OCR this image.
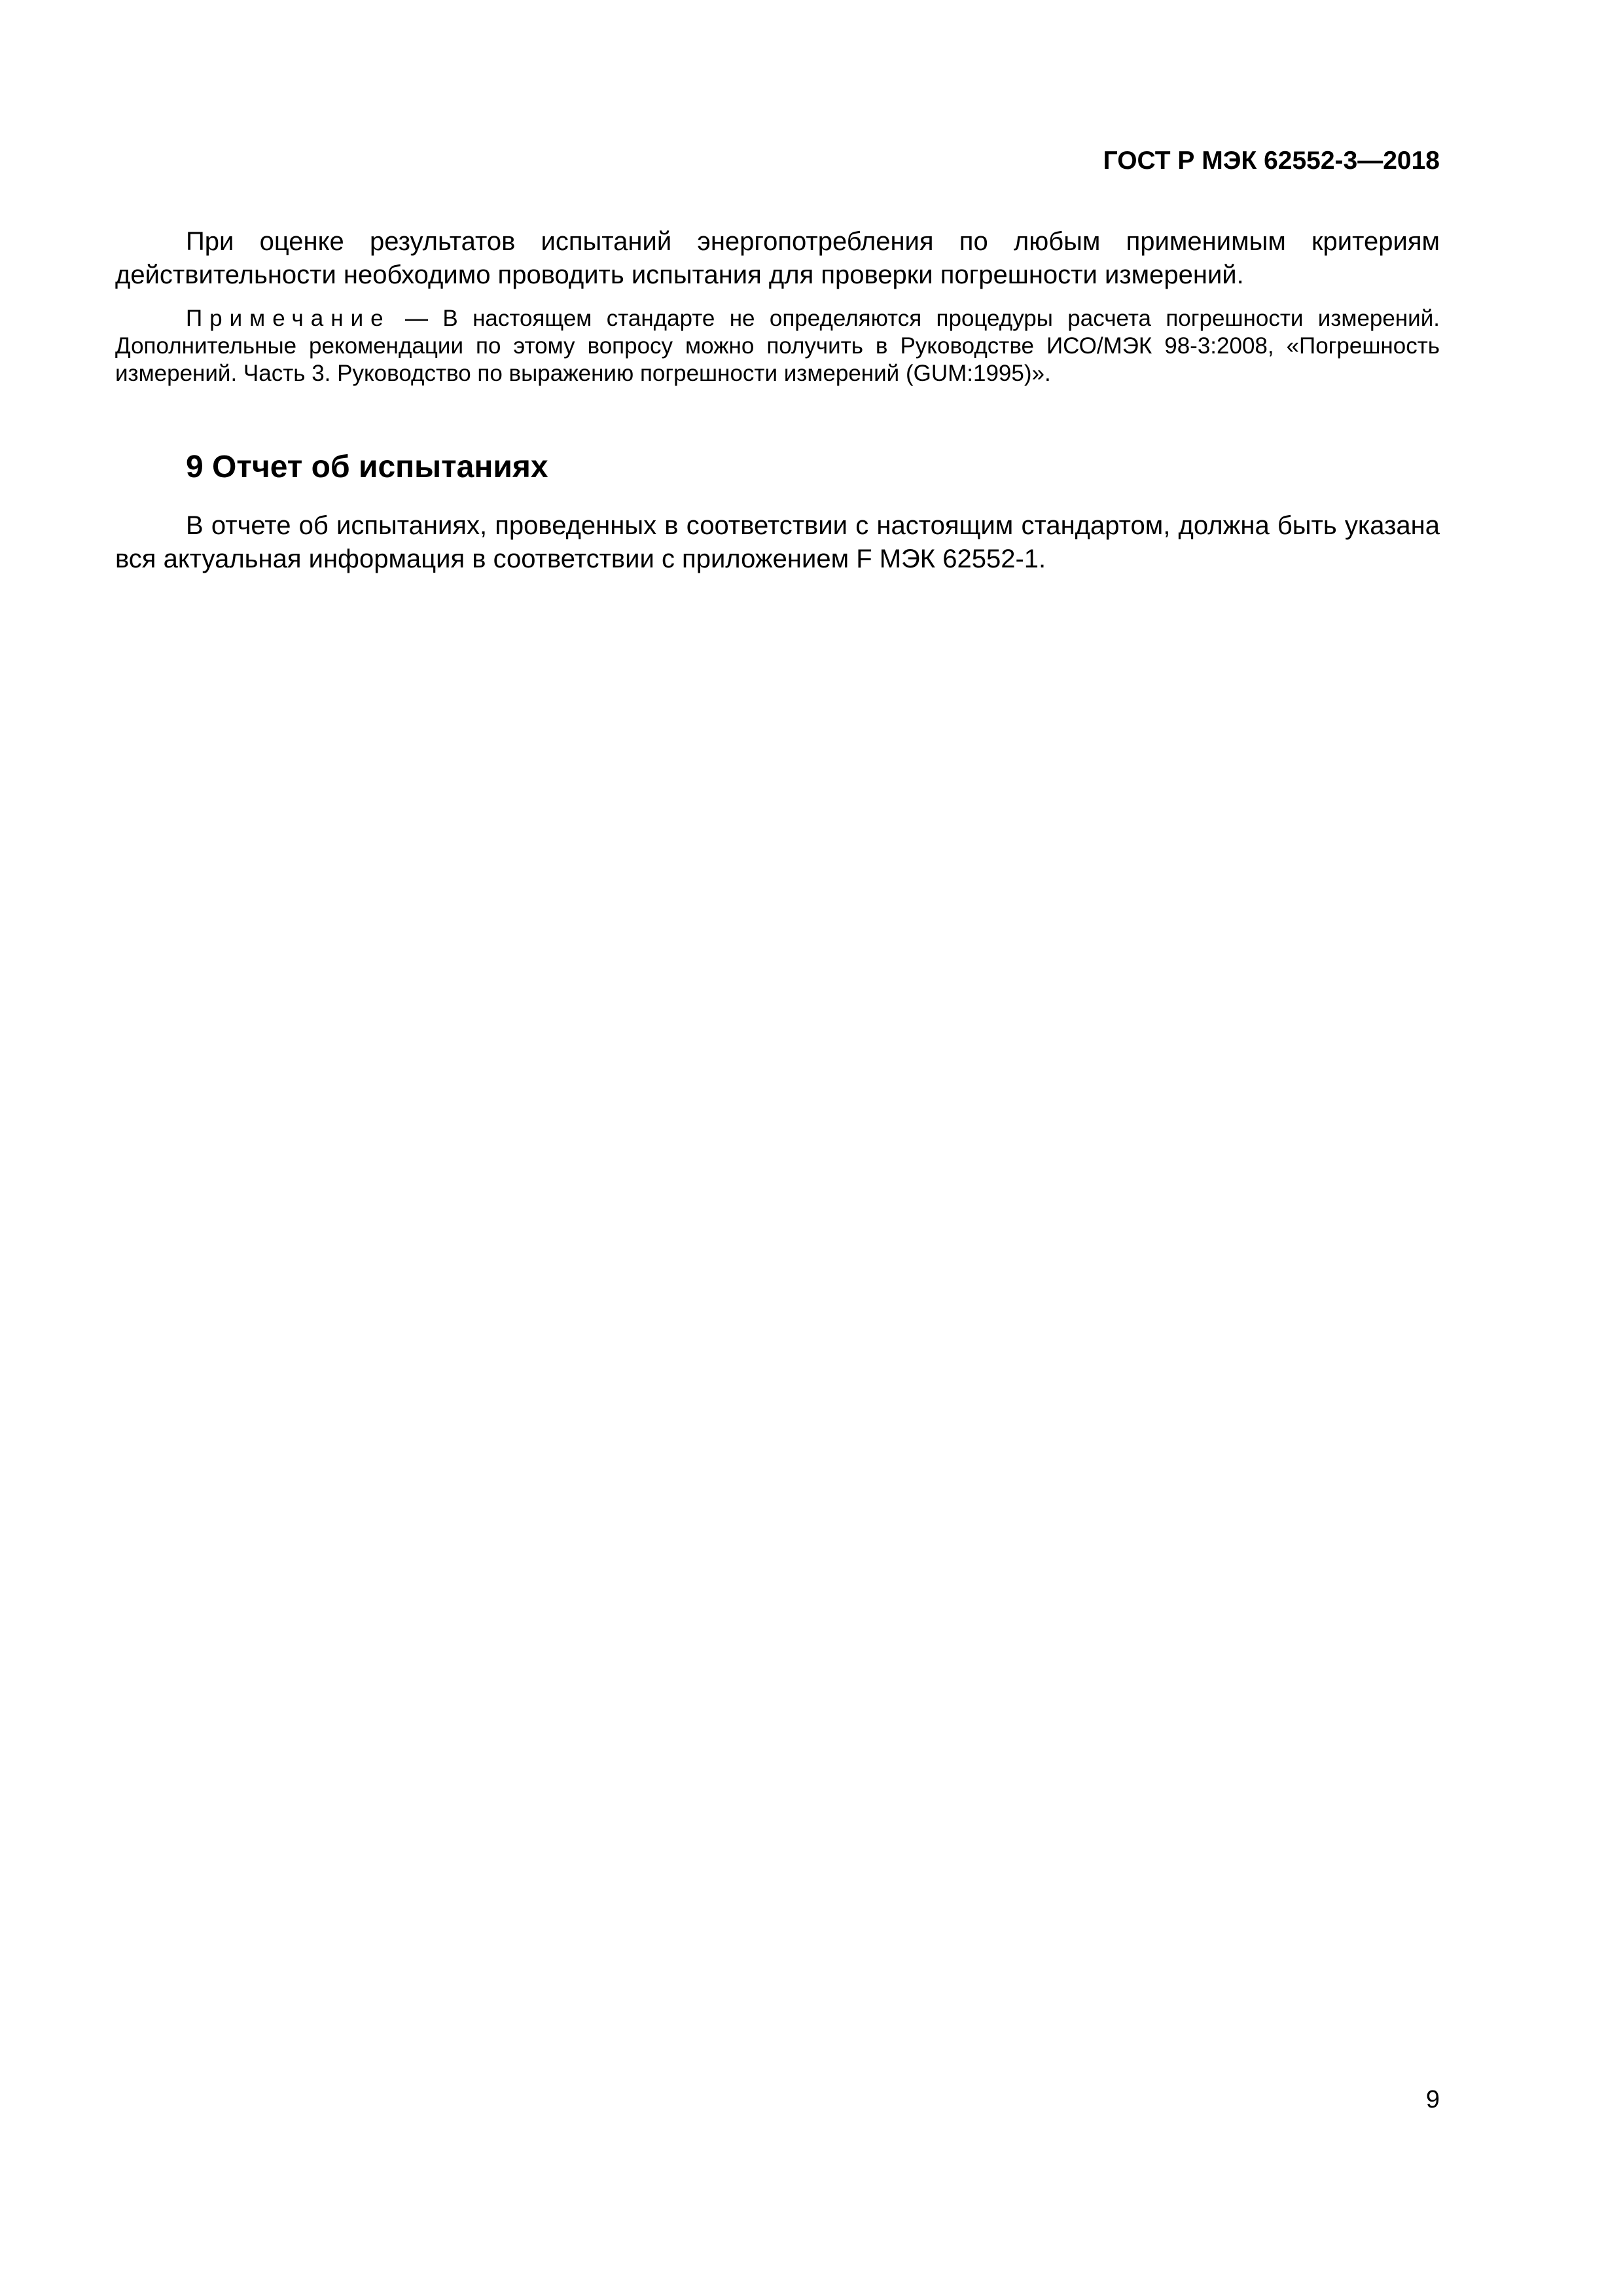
ГОСТ Р МЭК 62552-3—2018

При оценке результатов испытаний энергопотребления по любым применимым критериям действительности необходимо проводить испытания для проверки погрешности измерений.

Примечание — В настоящем стандарте не определяются процедуры расчета погрешности измерений. Дополнительные рекомендации по этому вопросу можно получить в Руководстве ИСО/МЭК 98-3:2008, «Погрешность измерений. Часть 3. Руководство по выражению погрешности измерений (GUM:1995)».
9 Отчет об испытаниях

В отчете об испытаниях, проведенных в соответствии с настоящим стандартом, должна быть указана вся актуальная информация в соответствии с приложением F МЭК 62552-1.

9
